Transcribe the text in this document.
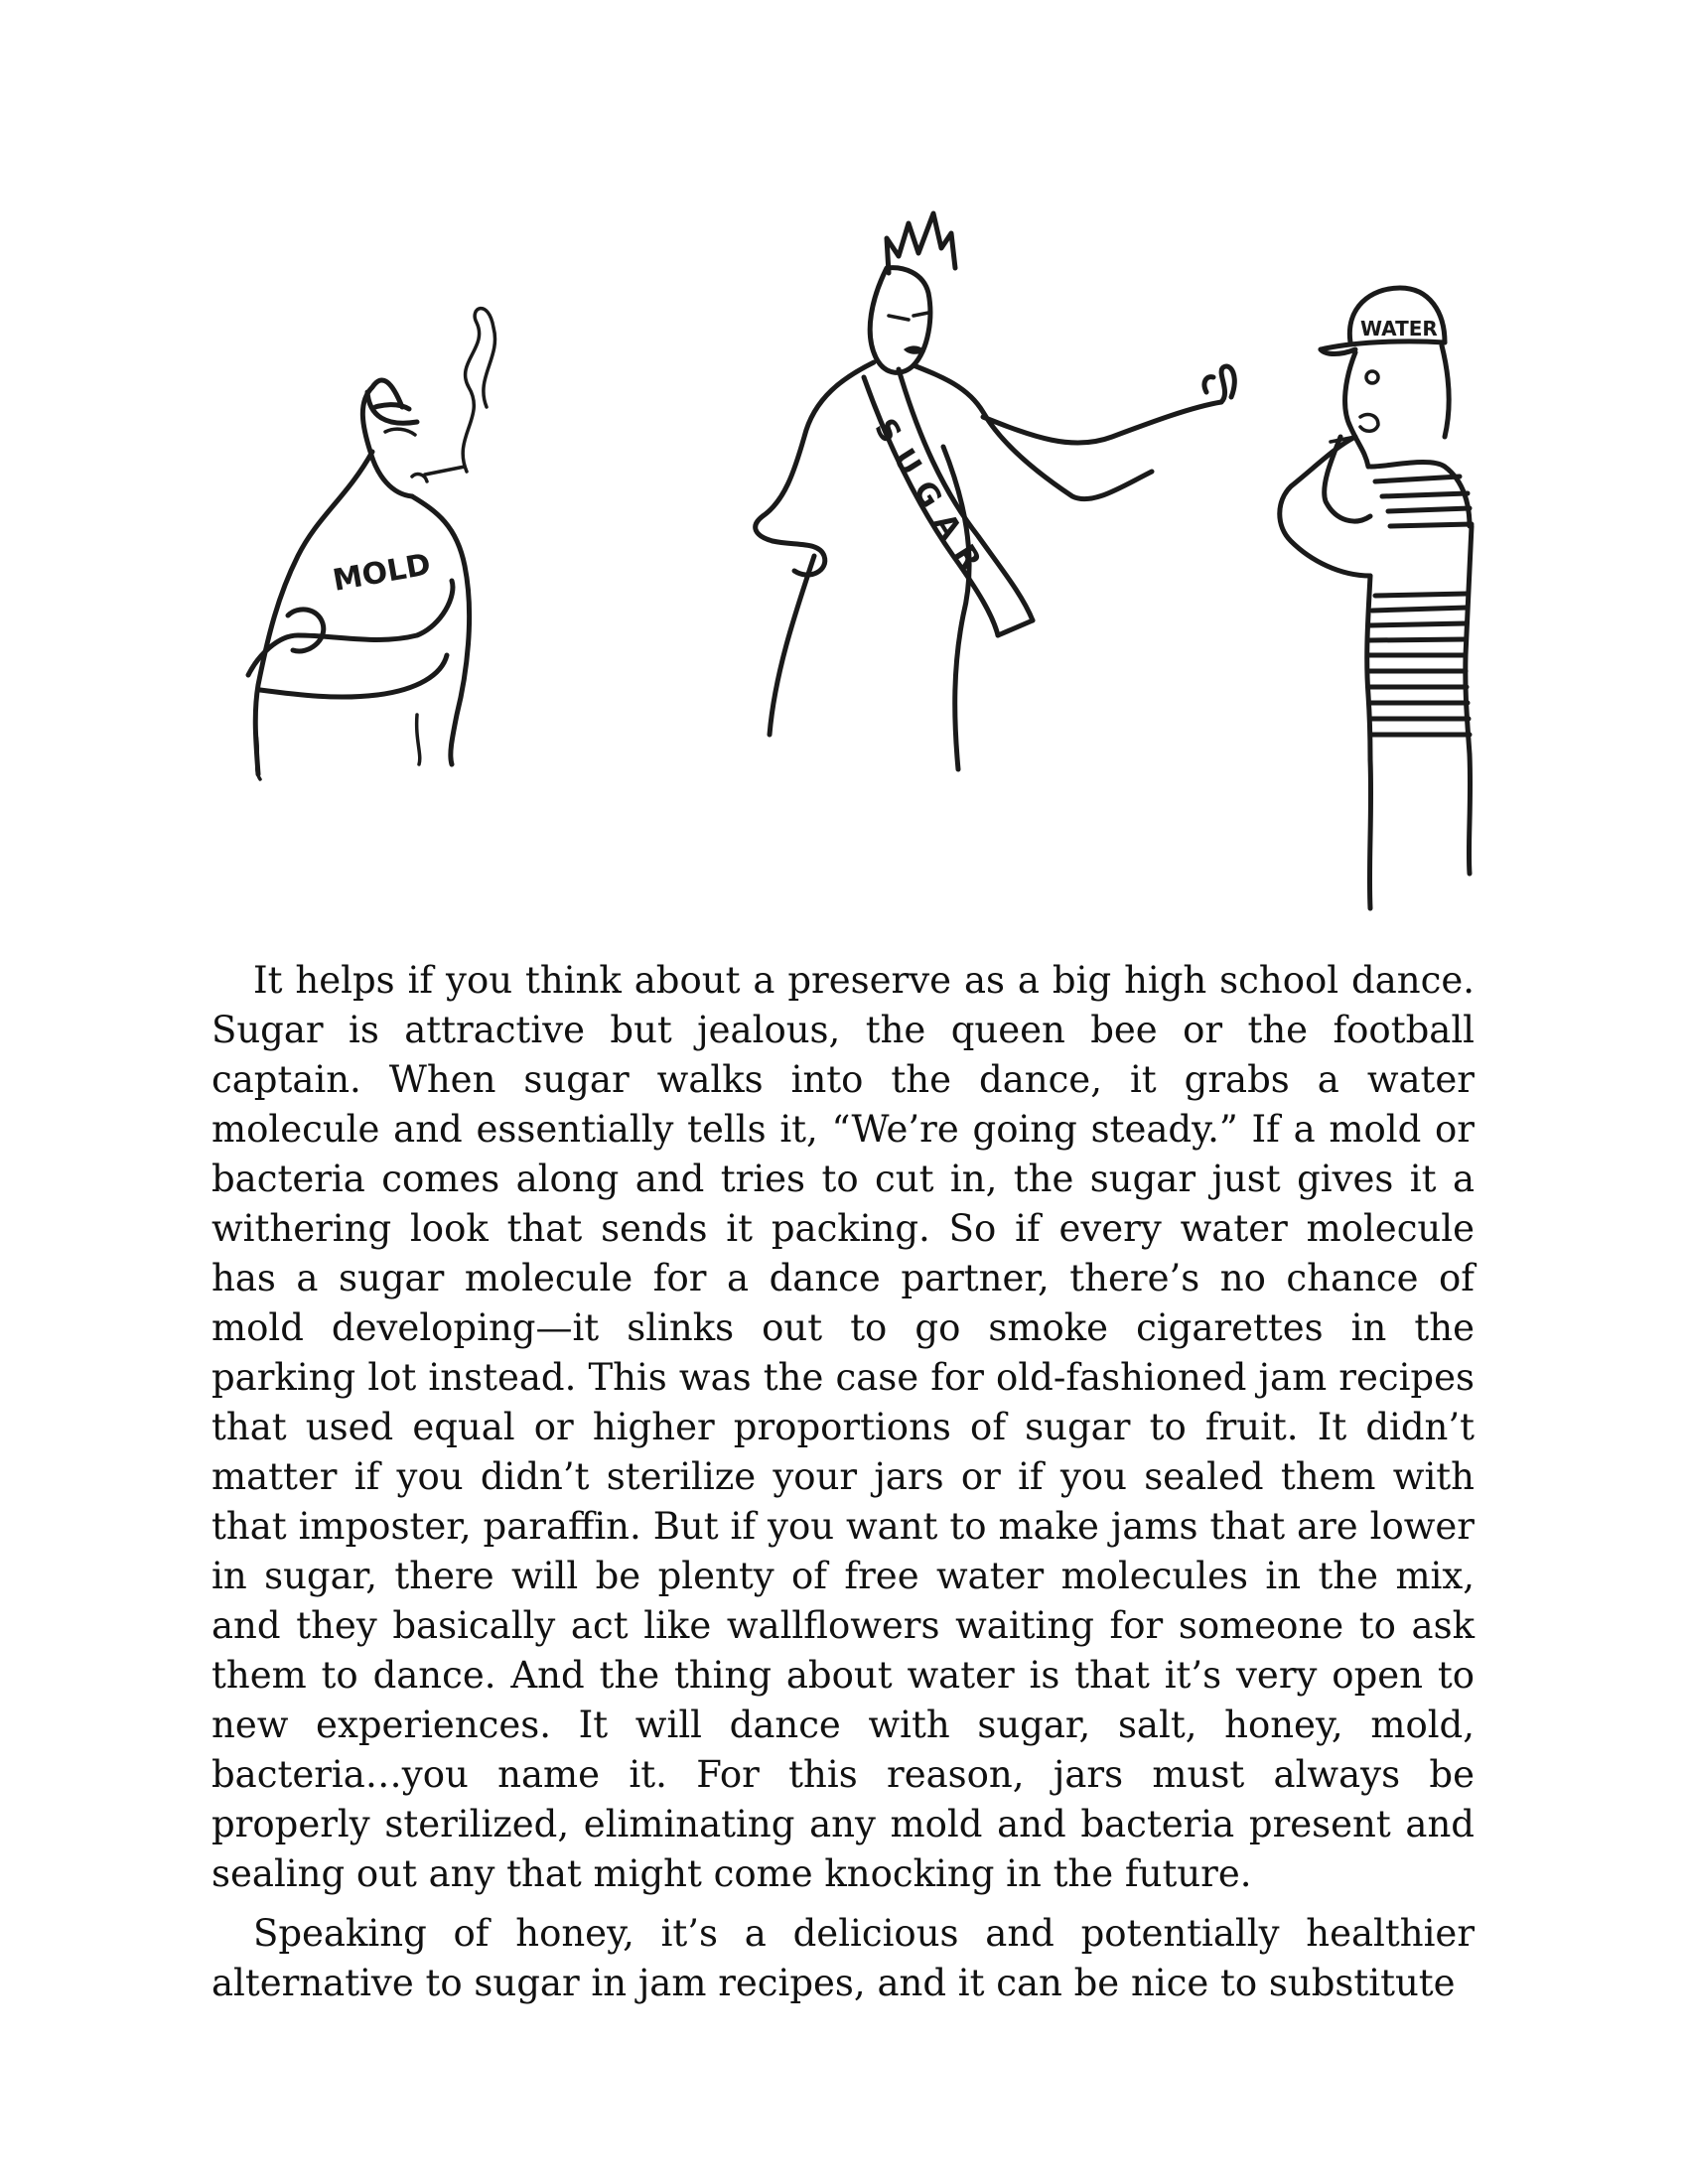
MOLD	SUGAR
WATER

It helps if you think about a preserve as a big high school dance. Sugar is attractive but jealous, the queen bee or the football captain. When sugar walks into the dance, it grabs a water molecule and essentially tells it, “We’re going steady.” If a mold or bacteria comes along and tries to cut in, the sugar just gives it a withering look that sends it packing. So if every water molecule has a sugar molecule for a dance partner, there’s no chance of mold developing—it slinks out to go smoke cigarettes in the parking lot instead. This was the case for old-fashioned jam recipes that used equal or higher proportions of sugar to fruit. It didn’t matter if you didn’t sterilize your jars or if you sealed them with that imposter, paraffin. But if you want to make jams that are lower in sugar, there will be plenty of free water molecules in the mix, and they basically act like wallflowers waiting for someone to ask them to dance. And the thing about water is that it’s very open to new experiences. It will dance with sugar, salt, honey, mold, bacteria…you name it. For this reason, jars must always be properly sterilized, eliminating any mold and bacteria present and sealing out any that might come knocking in the future.

Speaking of honey, it’s a delicious and potentially healthier alternative to sugar in jam recipes, and it can be nice to substitute
